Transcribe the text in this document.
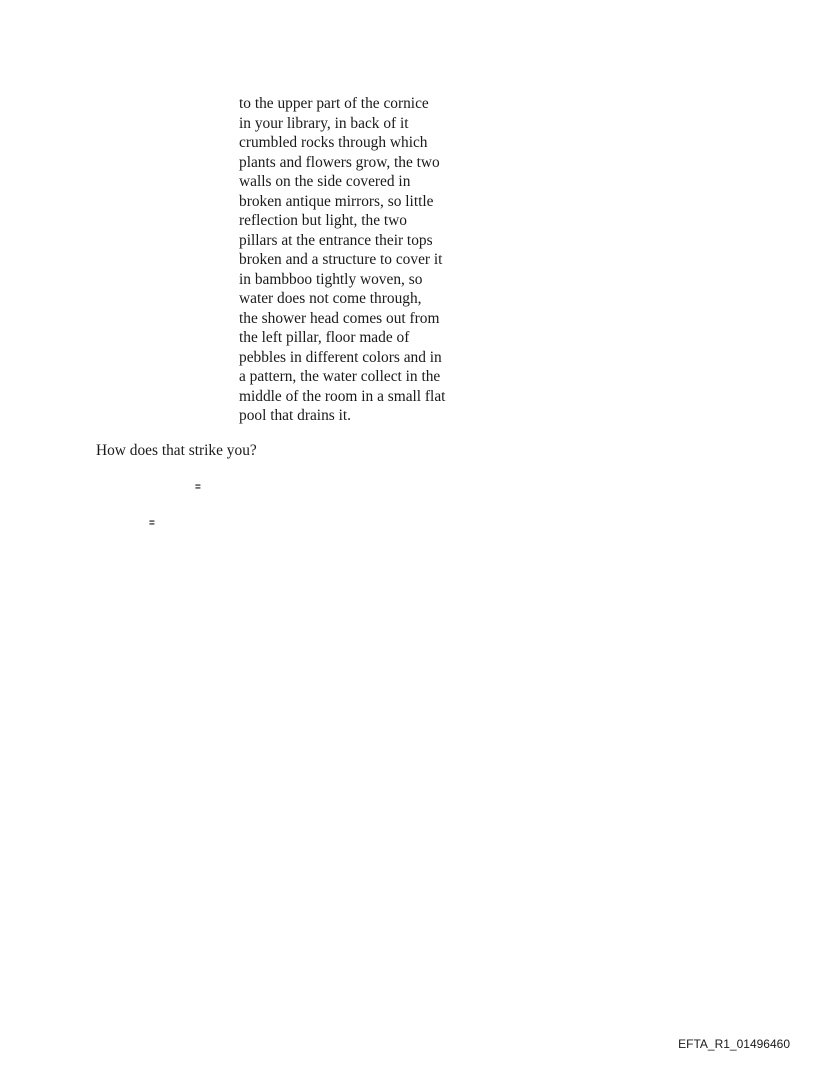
to the upper part of the cornice
in your library, in back of it
crumbled rocks through which
plants and flowers grow, the two
walls on the side covered in
broken antique mirrors, so little
reflection but light, the two
pillars at the entrance their tops
broken and a structure to cover it
in bambboo tightly woven, so
water does not come through,
the shower head comes out from
the left pillar, floor made of
pebbles in different colors and in
a pattern, the water collect in the
middle of the room in a small flat
pool that drains it.

How does that strike you?

=
=
EFTA_R1_01496460
